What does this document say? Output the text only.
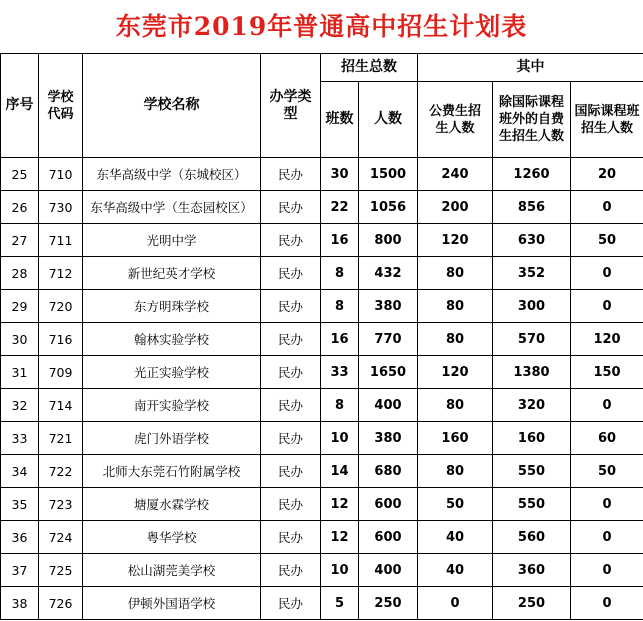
东莞市2019年普通高中招生计划表
序号	学校代码	学校名称	办学类型	招生总数		其中		
				班数	人数	公费生招生人数	除国际课程班外的自费生招生人数	国际课程班招生人数

25	710	东华高级中学（东城校区）	民办	30	1500	240	1260	20
26	730	东华高级中学（生态园校区）	民办	22	1056	200	856	0
27	711	光明中学	民办	16	800	120	630	50
28	712	新世纪英才学校	民办	8	432	80	352	0
29	720	东方明珠学校	民办	8	380	80	300	0
30	716	翰林实验学校	民办	16	770	80	570	120
31	709	光正实验学校	民办	33	1650	120	1380	150
32	714	南开实验学校	民办	8	400	80	320	0
33	721	虎门外语学校	民办	10	380	160	160	60
34	722	北师大东莞石竹附属学校	民办	14	680	80	550	50
35	723	塘厦水霖学校	民办	12	600	50	550	0
36	724	粤华学校	民办	12	600	40	560	0
37	725	松山湖莞美学校	民办	10	400	40	360	0
38	726	伊顿外国语学校	民办	5	250	0	250	0
